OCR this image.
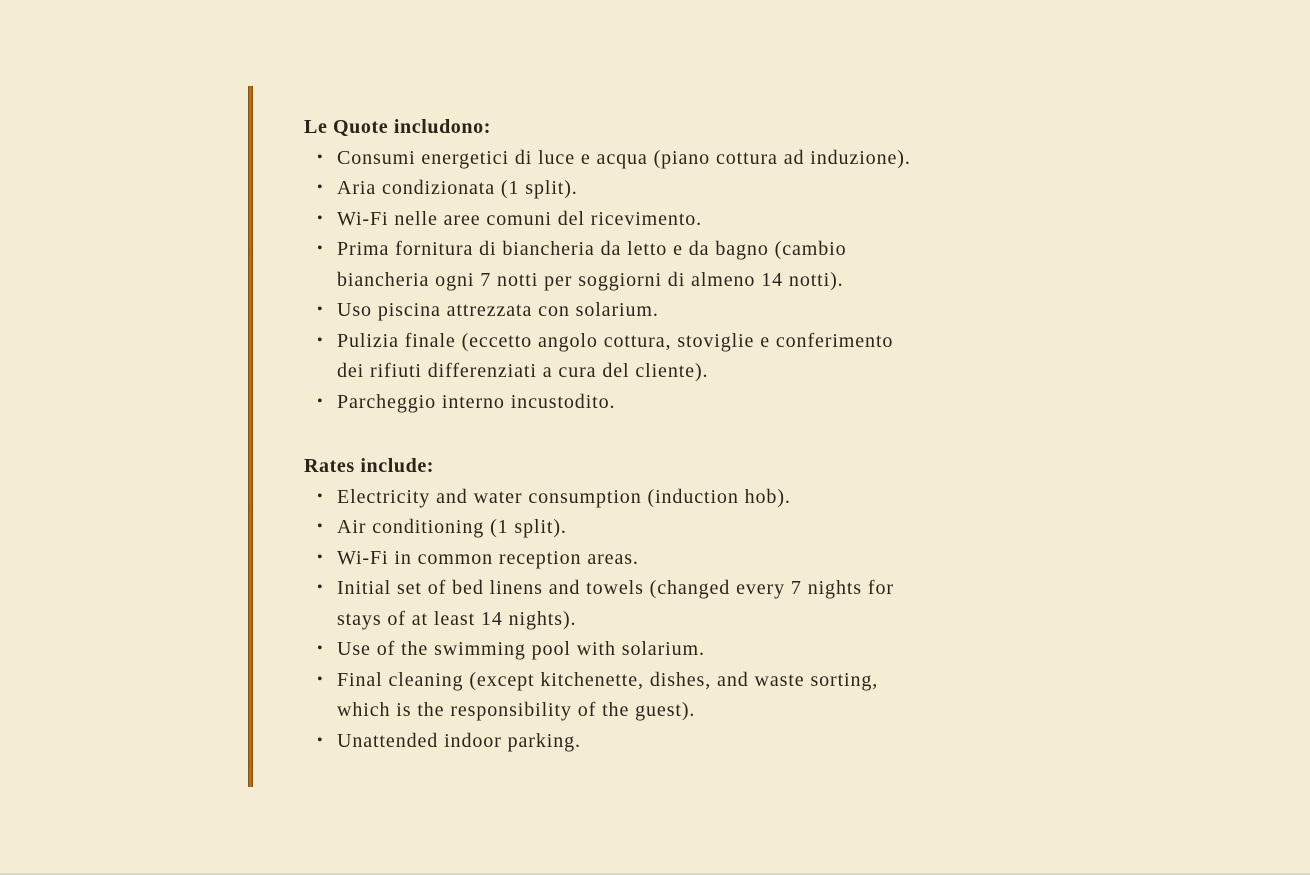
Le Quote includono:
• Consumi energetici di luce e acqua (piano cottura ad induzione).
• Aria condizionata (1 split).
• Wi-Fi nelle aree comuni del ricevimento.
• Prima fornitura di biancheria da letto e da bagno (cambio
biancheria ogni 7 notti per soggiorni di almeno 14 notti).
• Uso piscina attrezzata con solarium.
• Pulizia finale (eccetto angolo cottura, stoviglie e conferimento
dei rifiuti differenziati a cura del cliente).
• Parcheggio interno incustodito.
Rates include:
• Electricity and water consumption (induction hob).
• Air conditioning (1 split).
• Wi-Fi in common reception areas.
• Initial set of bed linens and towels (changed every 7 nights for
stays of at least 14 nights).
• Use of the swimming pool with solarium.
• Final cleaning (except kitchenette, dishes, and waste sorting,
which is the responsibility of the guest).
• Unattended indoor parking.
